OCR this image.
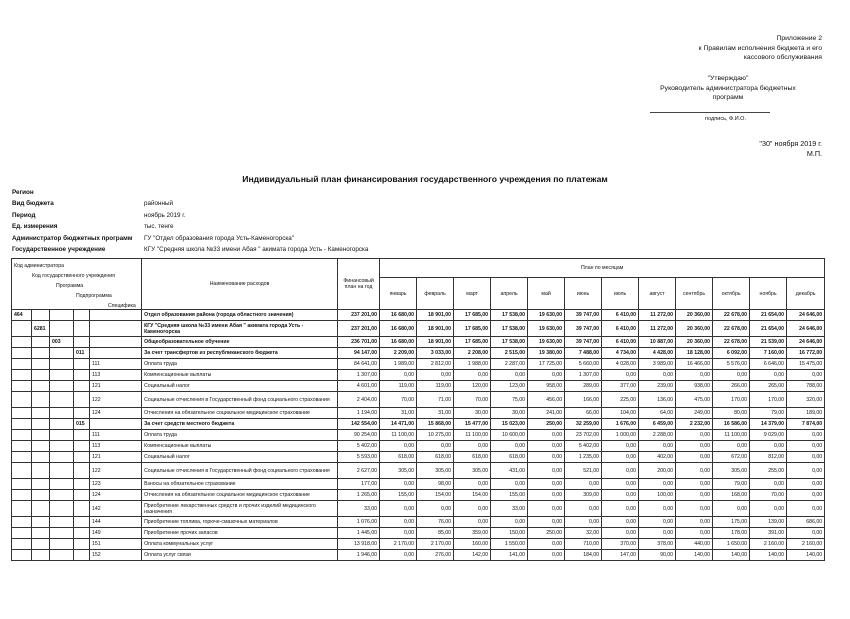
Приложение 2
к Правилам исполнения бюджета и его
кассового обслуживания
"Утверждаю"
Руководитель администратора бюджетных
программ
подпись, Ф.И.О.
"30" ноября 2019 г.
М.П.
Индивидуальный план финансирования государственного учреждения по платежам
Регион
Вид бюджета	районный
Период	ноябрь 2019 г.
Ед. измерения	тыс. тенге
Администратор бюджетных программ	ГУ "Отдел образования города Усть-Каменогорска"
Государственное учреждение	КГУ "Средняя школа №33 имени Абая " акимата города Усть - Каменогорска
Код администратора
Код государственного учреждения
Программа
Подпрограмма
Специфика					Наименование расходов	Финансовый план на год	План по месяцам											
							январь	февраль	март	апрель	май	июнь	июль	август	сентябрь	октябрь	ноябрь	декабрь
464					Отдел образования района (города областного значения)	237 201,00	16 680,00	18 901,00	17 685,00	17 538,00	19 630,00	39 747,00	6 410,00	11 272,00	20 360,00	22 678,00	21 654,00	24 646,00
	6281				КГУ "Средняя школа №33 имени Абая " акимата города Усть - Каменогорска	237 201,00	16 680,00	18 901,00	17 685,00	17 538,00	19 630,00	39 747,00	6 410,00	11 272,00	20 360,00	22 678,00	21 654,00	24 646,00
		003			Общеобразовательное обучение	236 701,00	16 680,00	18 901,00	17 685,00	17 538,00	19 630,00	39 747,00	6 410,00	10 887,00	20 360,00	22 678,00	21 539,00	24 646,00
			011		За счет трансфертов из республиканского бюджета	94 147,00	2 209,00	3 033,00	2 208,00	2 515,00	19 380,00	7 488,00	4 734,00	4 428,00	18 128,00	6 092,00	7 160,00	16 772,00
				111	Оплата труда	84 641,00	1 989,00	2 812,00	1 988,00	2 287,00	17 725,00	5 660,00	4 028,00	3 989,00	16 466,00	5 576,00	6 646,00	15 475,00
				113	Компенсационные выплаты	1 307,00	0,00	0,00	0,00	0,00	0,00	1 307,00	0,00	0,00	0,00	0,00	0,00	0,00
				121	Социальный налог	4 601,00	119,00	119,00	120,00	123,00	958,00	289,00	377,00	239,00	938,00	266,00	265,00	788,00
				122	Социальные отчисления в Государственный фонд социального страхования	2 404,00	70,00	71,00	70,00	75,00	456,00	166,00	225,00	136,00	475,00	170,00	170,00	320,00
				124	Отчисления на обязательное социальное медицинское страхование	1 194,00	31,00	31,00	30,00	30,00	241,00	66,00	104,00	64,00	249,00	80,00	79,00	189,00
			015		За счет средств местного бюджета	142 554,00	14 471,00	15 868,00	15 477,00	15 023,00	250,00	32 259,00	1 676,00	6 459,00	2 232,00	16 586,00	14 379,00	7 874,00
				111	Оплата труда	90 254,00	11 100,00	10 275,00	11 100,00	10 600,00	0,00	23 702,00	1 000,00	2 288,00	0,00	11 100,00	9 029,00	0,00
				113	Компенсационные выплаты	5 402,00	0,00	0,00	0,00	0,00	0,00	5 402,00	0,00	0,00	0,00	0,00	0,00	0,00
				121	Социальный налог	5 593,00	618,00	618,00	618,00	618,00	0,00	1 235,00	0,00	402,00	0,00	672,00	812,00	0,00
				122	Социальные отчисления в Государственный фонд социального страхования	2 627,00	305,00	305,00	305,00	431,00	0,00	521,00	0,00	200,00	0,00	305,00	255,00	0,00
				123	Взносы на обязательное страхование	177,00	0,00	98,00	0,00	0,00	0,00	0,00	0,00	0,00	0,00	79,00	0,00	0,00
				124	Отчисления на обязательное социальное медицинское страхование	1 265,00	155,00	154,00	154,00	155,00	0,00	309,00	0,00	100,00	0,00	168,00	70,00	0,00
				142	Приобретение лекарственных средств и прочих изделий медицинского назначения	33,00	0,00	0,00	0,00	33,00	0,00	0,00	0,00	0,00	0,00	0,00	0,00	0,00
				144	Приобретение топлива, горюче-смазочных материалов	1 076,00	0,00	76,00	0,00	0,00	0,00	0,00	0,00	0,00	0,00	175,00	139,00	686,00
				149	Приобретение прочих запасов	1 445,00	0,00	85,00	359,00	150,00	250,00	32,00	0,00	0,00	0,00	178,00	391,00	0,00
				151	Оплата коммунальных услуг	13 918,00	2 170,00	2 170,00	160,00	1 550,00	0,00	710,00	370,00	378,00	440,00	1 650,00	2 160,00	2 160,00
				152	Оплата услуг связи	1 946,00	0,00	276,00	142,00	141,00	0,00	184,00	147,00	90,00	140,00	140,00	140,00	140,00
